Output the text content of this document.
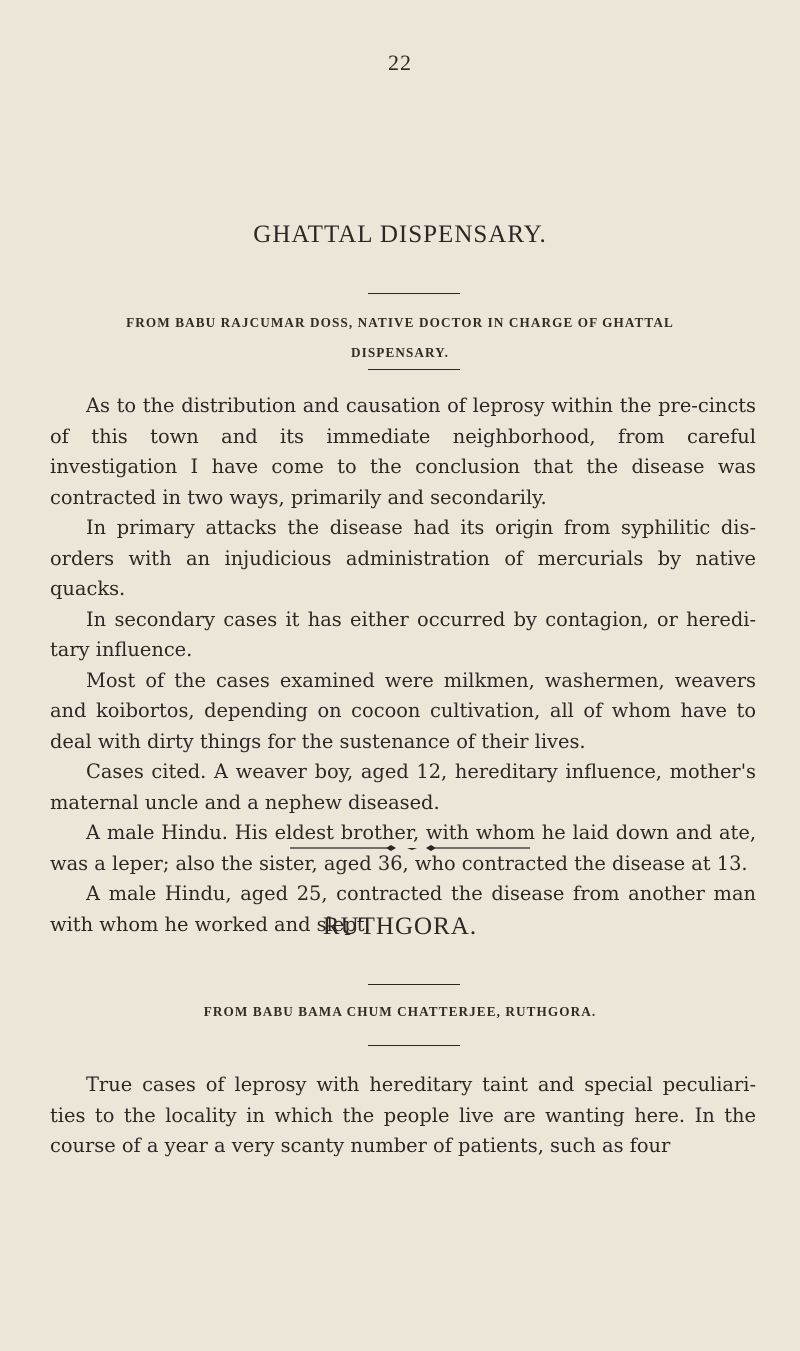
22
GHATTAL DISPENSARY.
FROM BABU RAJCUMAR DOSS, NATIVE DOCTOR IN CHARGE OF GHATTAL
DISPENSARY.

As to the distribution and causation of leprosy within the pre-cincts of this town and its immediate neighborhood, from careful investigation I have come to the conclusion that the disease was contracted in two ways, primarily and secondarily.

In primary attacks the disease had its origin from syphilitic dis-orders with an injudicious administration of mercurials by native quacks.

In secondary cases it has either occurred by contagion, or heredi-tary influence.

Most of the cases examined were milkmen, washermen, weavers and koibortos, depending on cocoon cultivation, all of whom have to deal with dirty things for the sustenance of their lives.

Cases cited. A weaver boy, aged 12, hereditary influence, mother's maternal uncle and a nephew diseased.

A male Hindu. His eldest brother, with whom he laid down and ate, was a leper; also the sister, aged 36, who contracted the disease at 13.

A male Hindu, aged 25, contracted the disease from another man with whom he worked and slept.

RUTHGORA.
FROM BABU BAMA CHUM CHATTERJEE, RUTHGORA.

True cases of leprosy with hereditary taint and special peculiari-ties to the locality in which the people live are wanting here. In the course of a year a very scanty number of patients, such as four
